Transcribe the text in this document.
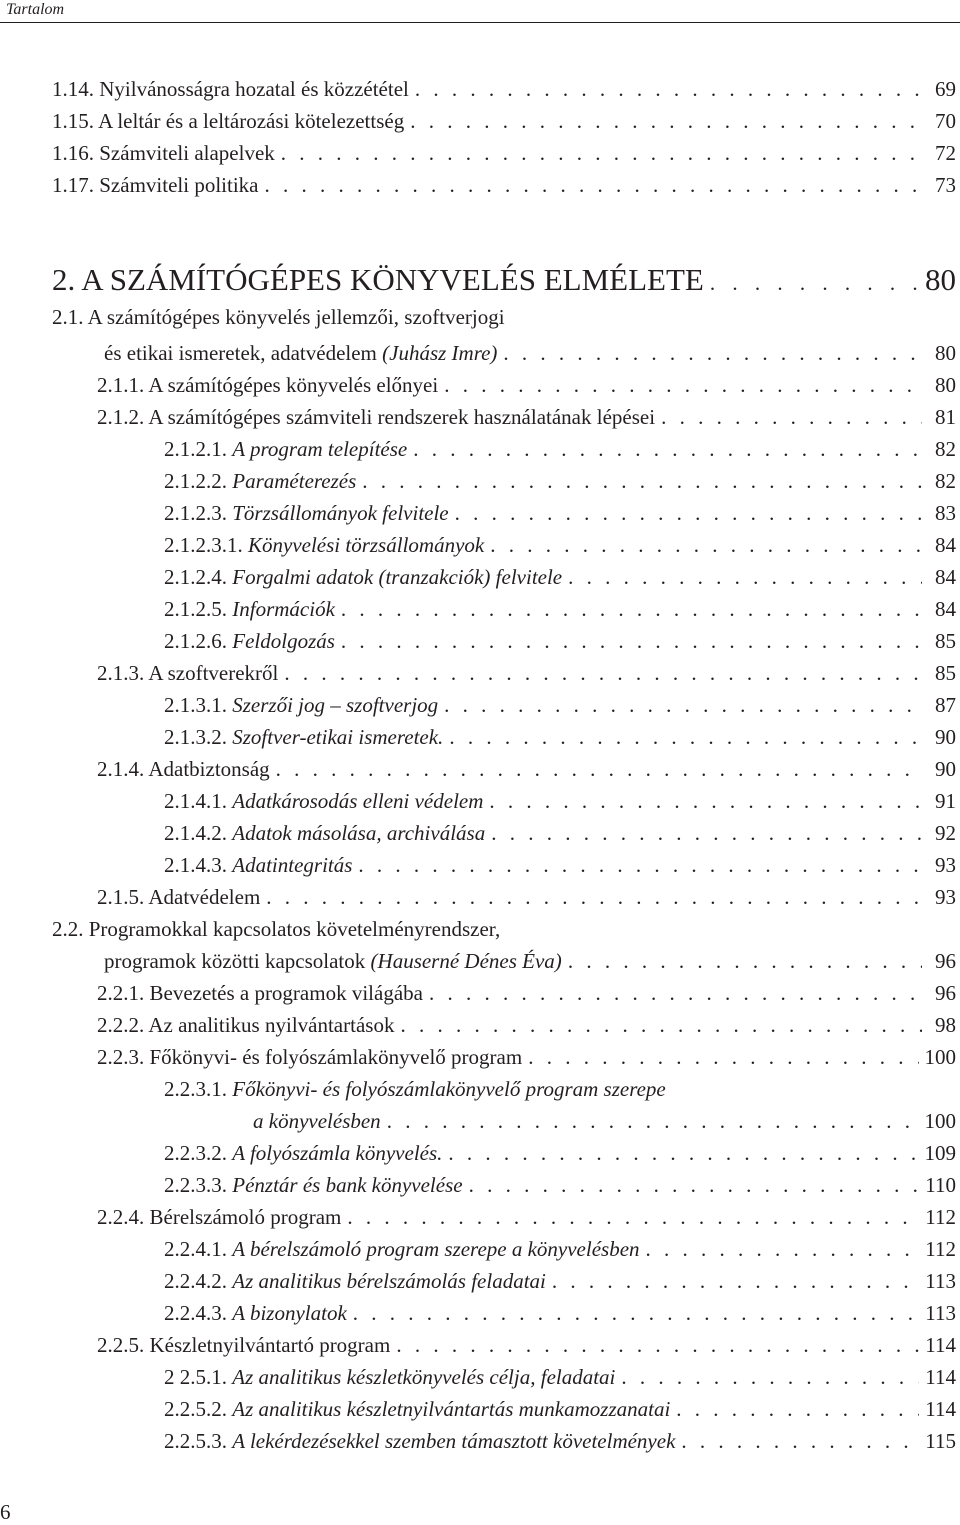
Tartalom
1.14. Nyilvánosságra hozatal és közzététel . . .	69
1.15. A leltár és a leltározási kötelezettség . . .	70
1.16. Számviteli alapelvek . . .	72
1.17. Számviteli politika . . .	73
2. A SZÁMÍTÓGÉPES KÖNYVELÉS ELMÉLETE . . .	80
2.1. A számítógépes könyvelés jellemzői, szoftverjogi
és etikai ismeretek, adatvédelem (Juhász Imre) . . .	80
2.1.1. A számítógépes könyvelés előnyei . . .	80
2.1.2. A számítógépes számviteli rendszerek használatának lépései . . .	81
2.1.2.1. A program telepítése . . .	82
2.1.2.2. Paraméterezés . . .	82
2.1.2.3. Törzsállományok felvitele . . .	83
2.1.2.3.1. Könyvelési törzsállományok . . .	84
2.1.2.4. Forgalmi adatok (tranzakciók) felvitele . . .	84
2.1.2.5. Információk . . .	84
2.1.2.6. Feldolgozás . . .	85
2.1.3. A szoftverekről . . .	85
2.1.3.1. Szerzői jog – szoftverjog . . .	87
2.1.3.2. Szoftver-etikai ismeretek. . . .	90
2.1.4. Adatbiztonság . . .	90
2.1.4.1. Adatkárosodás elleni védelem . . .	91
2.1.4.2. Adatok másolása, archiválása . . .	92
2.1.4.3. Adatintegritás . . .	93
2.1.5. Adatvédelem . . .	93
2.2. Programokkal kapcsolatos követelményrendszer,
programok közötti kapcsolatok (Hauserné Dénes Éva) . . .	96
2.2.1. Bevezetés a programok világába . . .	96
2.2.2. Az analitikus nyilvántartások . . .	98
2.2.3. Főkönyvi- és folyószámlakönyvelő program . . .	100
2.2.3.1. Főkönyvi- és folyószámlakönyvelő program szerepe
a könyvelésben . . .	100
2.2.3.2. A folyószámla könyvelés. . . .	109
2.2.3.3. Pénztár és bank könyvelése . . .	110
2.2.4. Bérelszámoló program . . .	112
2.2.4.1. A bérelszámoló program szerepe a könyvelésben . . .	112
2.2.4.2. Az analitikus bérelszámolás feladatai . . .	113
2.2.4.3. A bizonylatok . . .	113
2.2.5. Készletnyilvántartó program . . .	114
2 2.5.1. Az analitikus készletkönyvelés célja, feladatai . . .	114
2.2.5.2. Az analitikus készletnyilvántartás munkamozzanatai . . .	114
2.2.5.3. A lekérdezésekkel szemben támasztott követelmények . . .	115
6
